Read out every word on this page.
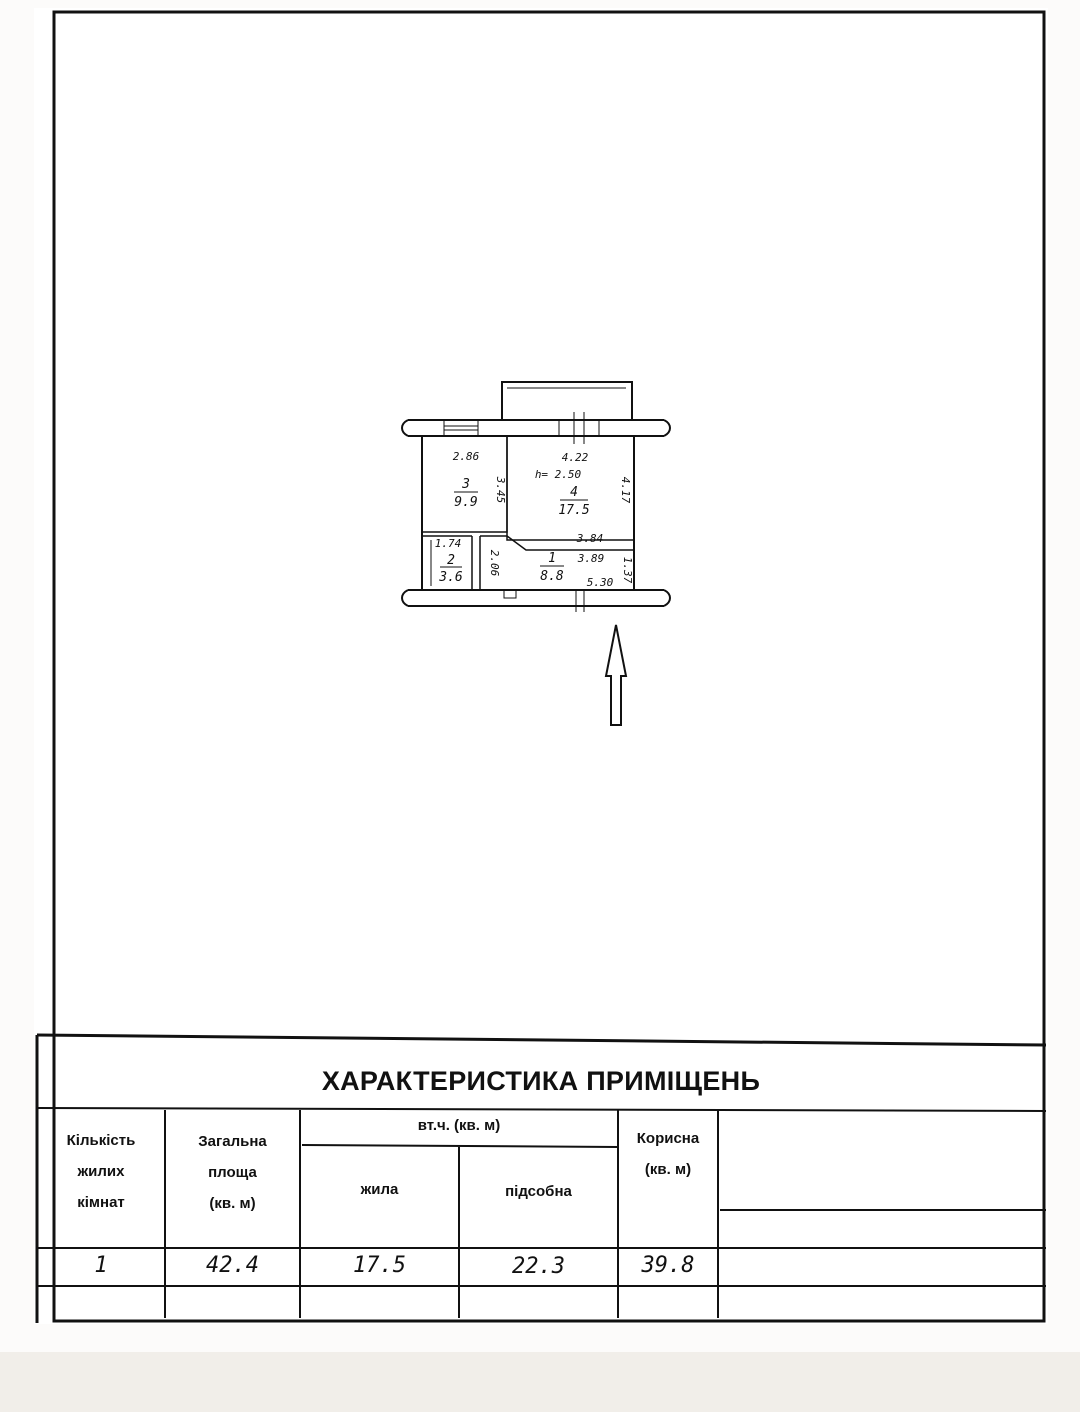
3
9.9
4
17.5
2
3.6
1
8.8
2.86
3.45
4.22
h= 2.50
4.17
3.84
1.74
2.06	3.89
5.30 1.37
ХАРАКТЕРИСТИКА ПРИМІЩЕНЬ
Кількість
жилих
кімнат
Загальна
площа
(кв. м)
вт.ч. (кв. м)
жила	підсобна
Корисна
(кв. м)
1	42.4	17.5	22.3	39.8
